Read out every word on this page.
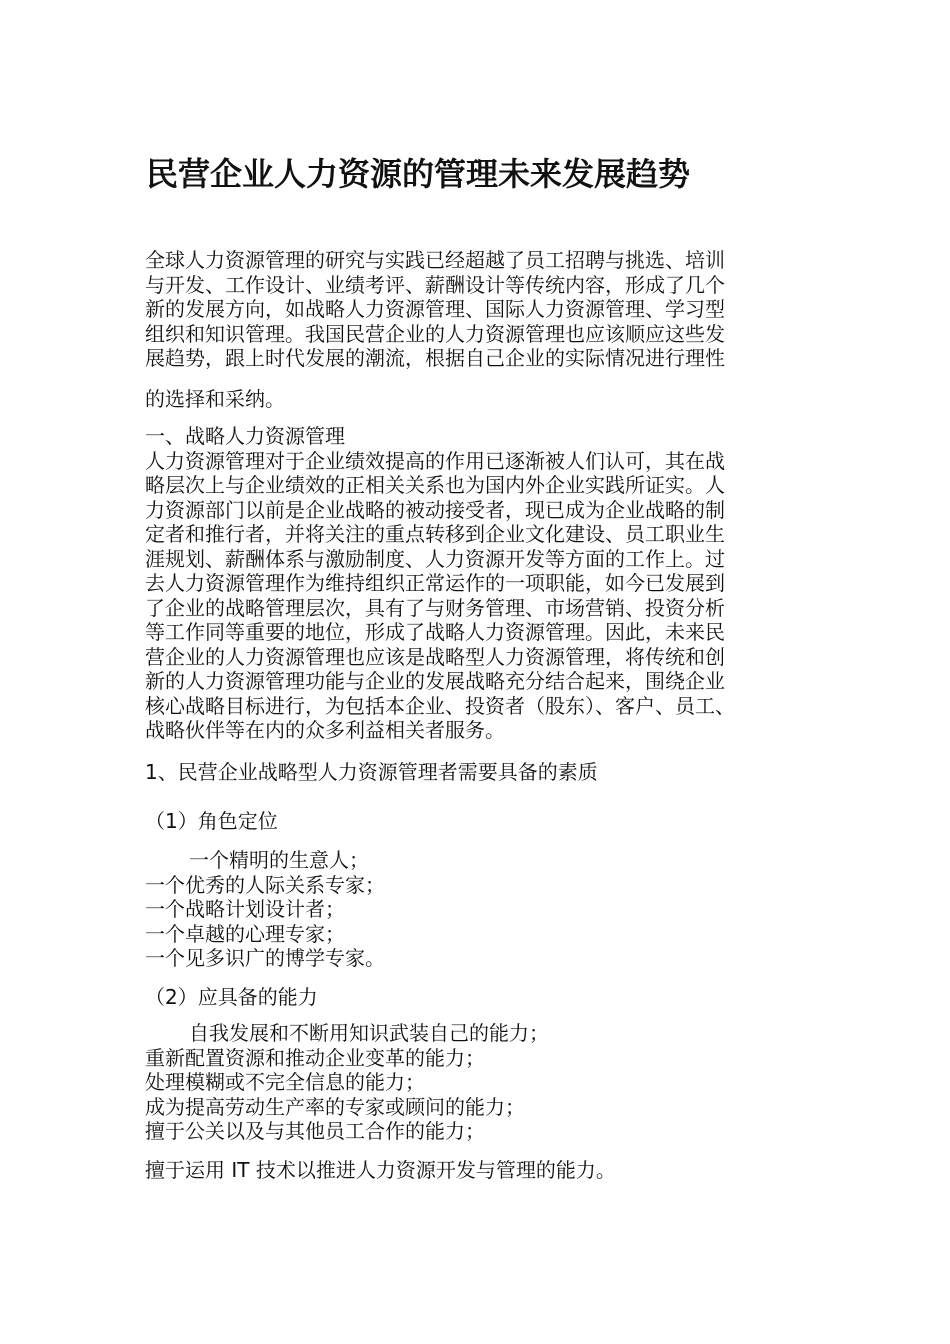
民营企业人力资源的管理未来发展趋势
全球人力资源管理的研究与实践已经超越了员工招聘与挑选、培训
与开发、工作设计、业绩考评、薪酬设计等传统内容，形成了几个
新的发展方向，如战略人力资源管理、国际人力资源管理、学习型
组织和知识管理。我国民营企业的人力资源管理也应该顺应这些发
展趋势，跟上时代发展的潮流，根据自己企业的实际情况进行理性
的选择和采纳。
一、战略人力资源管理
人力资源管理对于企业绩效提高的作用已逐渐被人们认可，其在战
略层次上与企业绩效的正相关关系也为国内外企业实践所证实。人
力资源部门以前是企业战略的被动接受者，现已成为企业战略的制
定者和推行者，并将关注的重点转移到企业文化建设、员工职业生
涯规划、薪酬体系与激励制度、人力资源开发等方面的工作上。过
去人力资源管理作为维持组织正常运作的一项职能，如今已发展到
了企业的战略管理层次，具有了与财务管理、市场营销、投资分析
等工作同等重要的地位，形成了战略人力资源管理。因此，未来民
营企业的人力资源管理也应该是战略型人力资源管理，将传统和创
新的人力资源管理功能与企业的发展战略充分结合起来，围绕企业
核心战略目标进行，为包括本企业、投资者（股东）、客户、员工、
战略伙伴等在内的众多利益相关者服务。
1、民营企业战略型人力资源管理者需要具备的素质
（1）角色定位
一个精明的生意人；
一个优秀的人际关系专家；
一个战略计划设计者；
一个卓越的心理专家；
一个见多识广的博学专家。
（2）应具备的能力
自我发展和不断用知识武装自己的能力；
重新配置资源和推动企业变革的能力；
处理模糊或不完全信息的能力；
成为提高劳动生产率的专家或顾问的能力；
擅于公关以及与其他员工合作的能力；
擅于运用 IT 技术以推进人力资源开发与管理的能力。
